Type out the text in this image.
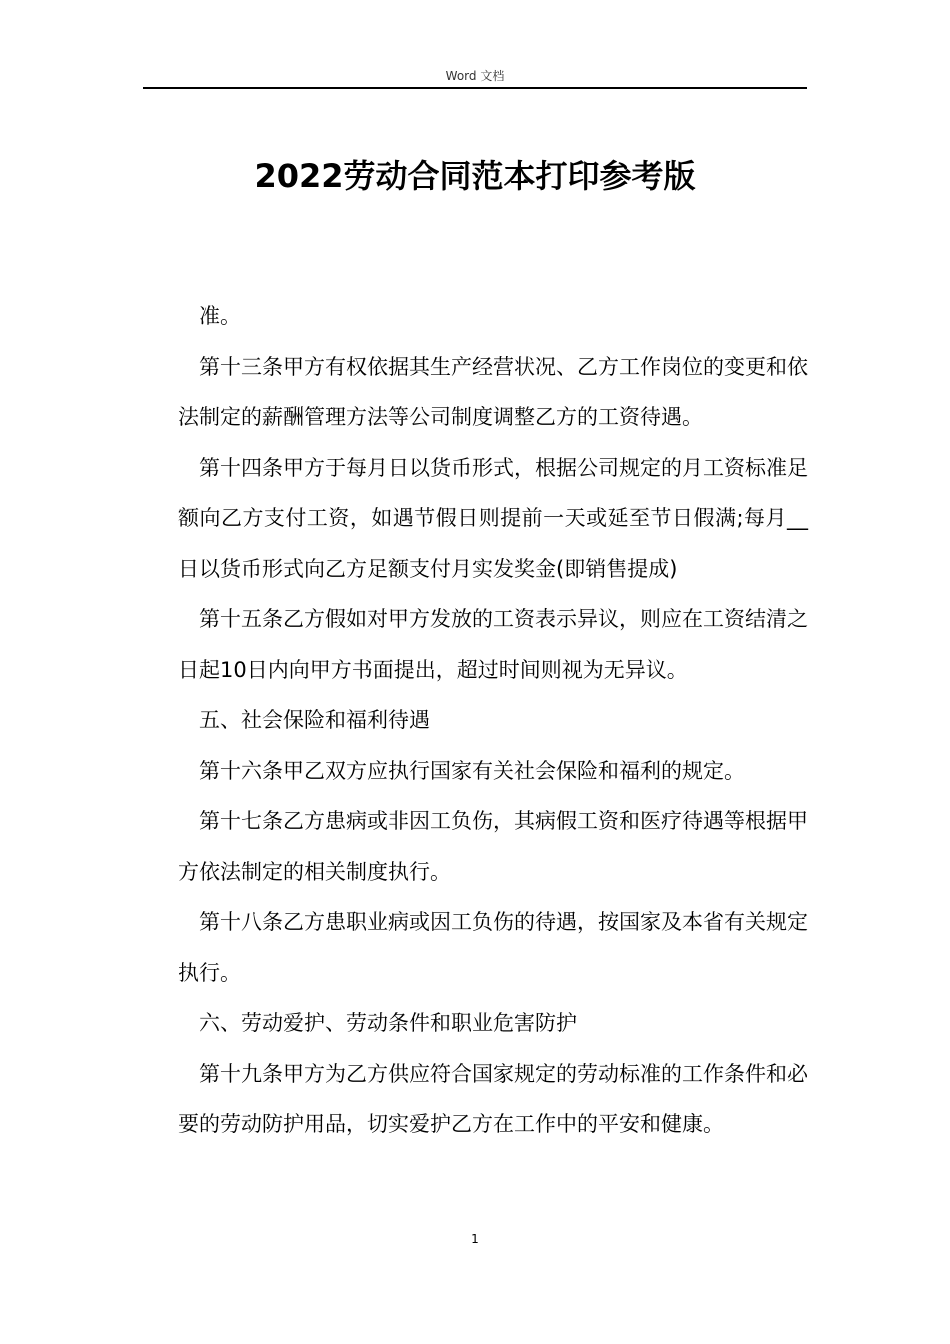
Word 文档
2022劳动合同范本打印参考版

准。

第十三条甲方有权依据其生产经营状况、乙方工作岗位的变更和依法制定的薪酬管理方法等公司制度调整乙方的工资待遇。

第十四条甲方于每月日以货币形式，根据公司规定的月工资标准足额向乙方支付工资，如遇节假日则提前一天或延至节日假满;每月__日以货币形式向乙方足额支付月实发奖金(即销售提成)

第十五条乙方假如对甲方发放的工资表示异议，则应在工资结清之日起10日内向甲方书面提出，超过时间则视为无异议。

五、社会保险和福利待遇

第十六条甲乙双方应执行国家有关社会保险和福利的规定。

第十七条乙方患病或非因工负伤，其病假工资和医疗待遇等根据甲方依法制定的相关制度执行。

第十八条乙方患职业病或因工负伤的待遇，按国家及本省有关规定执行。

六、劳动爱护、劳动条件和职业危害防护

第十九条甲方为乙方供应符合国家规定的劳动标准的工作条件和必要的劳动防护用品，切实爱护乙方在工作中的平安和健康。

1
